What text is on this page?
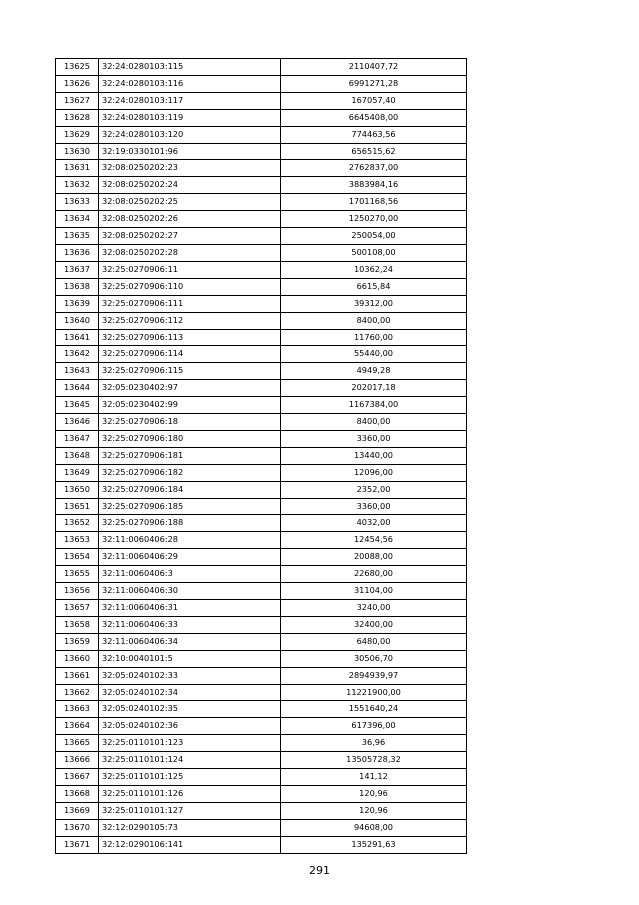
13625	32:24:0280103:115	2110407,72
13626	32:24:0280103:116	6991271,28
13627	32:24:0280103:117	167057,40
13628	32:24:0280103:119	6645408,00
13629	32:24:0280103:120	774463,56
13630	32:19:0330101:96	656515,62
13631	32:08:0250202:23	2762837,00
13632	32:08:0250202:24	3883984,16
13633	32:08:0250202:25	1701168,56
13634	32:08:0250202:26	1250270,00
13635	32:08:0250202:27	250054,00
13636	32:08:0250202:28	500108,00
13637	32:25:0270906:11	10362,24
13638	32:25:0270906:110	6615,84
13639	32:25:0270906:111	39312,00
13640	32:25:0270906:112	8400,00
13641	32:25:0270906:113	11760,00
13642	32:25:0270906:114	55440,00
13643	32:25:0270906:115	4949,28
13644	32:05:0230402:97	202017,18
13645	32:05:0230402:99	1167384,00
13646	32:25:0270906:18	8400,00
13647	32:25:0270906:180	3360,00
13648	32:25:0270906:181	13440,00
13649	32:25:0270906:182	12096,00
13650	32:25:0270906:184	2352,00
13651	32:25:0270906:185	3360,00
13652	32:25:0270906:188	4032,00
13653	32:11:0060406:28	12454,56
13654	32:11:0060406:29	20088,00
13655	32:11:0060406:3	22680,00
13656	32:11:0060406:30	31104,00
13657	32:11:0060406:31	3240,00
13658	32:11:0060406:33	32400,00
13659	32:11:0060406:34	6480,00
13660	32:10:0040101:5	30506,70
13661	32:05:0240102:33	2894939,97
13662	32:05:0240102:34	11221900,00
13663	32:05:0240102:35	1551640,24
13664	32:05:0240102:36	617396,00
13665	32:25:0110101:123	36,96
13666	32:25:0110101:124	13505728,32
13667	32:25:0110101:125	141,12
13668	32:25:0110101:126	120,96
13669	32:25:0110101:127	120,96
13670	32:12:0290105:73	94608,00
13671	32:12:0290106:141	135291,63
291
